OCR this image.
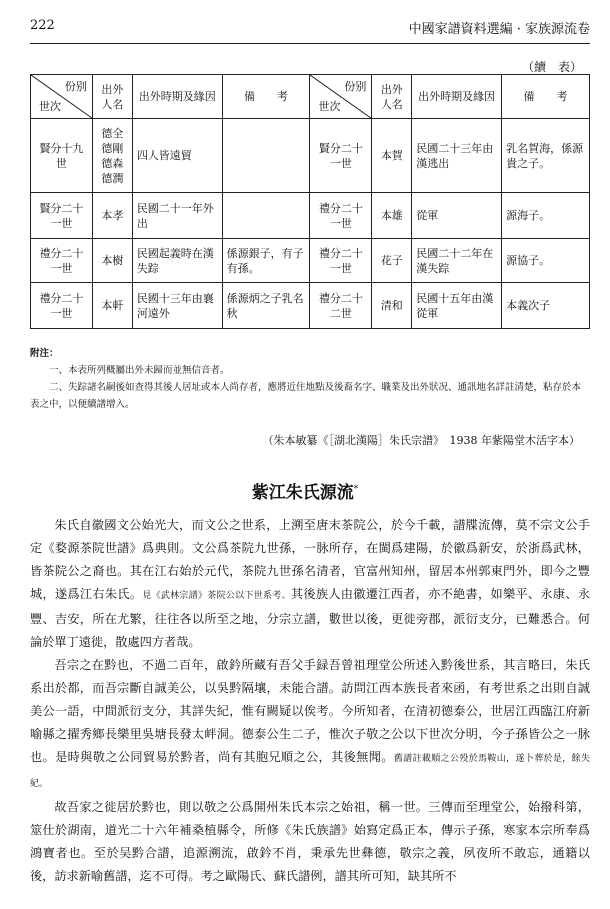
222	中國家譜資料選編 · 家族源流卷
（續　表）
份别
世次	出外人名	出外時期及緣因	備　　考	份别
世次	出外人名	出外時期及緣因	備　　考
賢分十九世	德全
德剛
德森
德潤	四人皆遠貿		賢分二十一世	本賀	民國二十三年由漢逃出	乳名賀海，係源貴之子。
賢分二十一世	本孝	民國二十一年外出		禮分二十一世	本雄	從軍	源海子。
禮分二十一世	本樹	民國起義時在漢失踪	係源銀子，有子有孫。	禮分二十一世	花子	民國二十二年在漢失踪	源協子。
禮分二十一世	本軒	民國十三年由襄河遠外	係源炳之子乳名秋	禮分二十二世	清和	民國十五年由漢從軍	本義次子
附注：

一、本表所列概屬出外未歸而並無信音者。

二、失踪諸名嗣後如查得其後人居址或本人尚存者，應將近住地點及後裔名字、職業及出外狀况、通訊地名詳註清楚，粘存於本表之中，以便續譜增入。

（朱本敏纂《［湖北漢陽］朱氏宗譜》　1938 年紫陽堂木活字本）
紫江朱氏源流*

朱氏自徽國文公始光大，而文公之世系，上溯至唐末茶院公，於今千載，譜牒流傳，莫不宗文公手定《婺源茶院世譜》爲典則。文公爲茶院九世孫，一脉所存，在閩爲建陽，於徽爲新安，於浙爲武林，皆茶院公之裔也。其在江右始於元代，茶院九世孫名清者，官富州知州，留居本州郭東門外，即今之豐城，遂爲江右朱氏。見《武林宗譜》茶院公以下世系考。其後族人由徽遷江西者，亦不絶書，如樂平、永康、永豐、吉安，所在尤繁，往往各以所至之地，分宗立譜，數世以後，更徙旁郡，派衍支分，已難悉合。何論於單丁遠徙，散處四方者哉。

吾宗之在黔也，不過二百年，啟鈐所藏有吾父手録吾曾祖理堂公所述入黔後世系，其言略曰，朱氏系出於都，而吾宗斷自誠美公，以吳黔隔壤，未能合譜。訪問江西本族長者來函，有考世系之出則自誠美公一語，中間派衍支分，其詳失紀，惟有闕疑以俟考。今所知者，在清初德泰公，世居江西臨江府新喻縣之擢秀鄉長樂里吳塘長發太𡶡洞。德泰公生二子，惟次子敬之公以下世次分明，今子孫皆公之一脉也。是時與敬之公同貿易於黔者，尚有其胞兄順之公，其後無聞。舊譜註載順之公殁於馬鞍山，遂卜葬於是，餘失紀。

故吾家之徙居於黔也，則以敬之公爲開州朱氏本宗之始祖，稱一世。三傳而至理堂公，始撥科第，筮仕於湖南，道光二十六年補桑植縣令，所修《朱氏族譜》始寫定爲正本，傳示子孫，寒家本宗所奉爲鴻寶者也。至於吴黔合譜，追源溯流，啟鈐不肖，秉承先世彝德，敬宗之義，夙夜所不敢忘，通籍以後，訪求新喻舊譜，迄不可得。考之歐陽氏、蘇氏譜例，譜其所可知，缺其所不
